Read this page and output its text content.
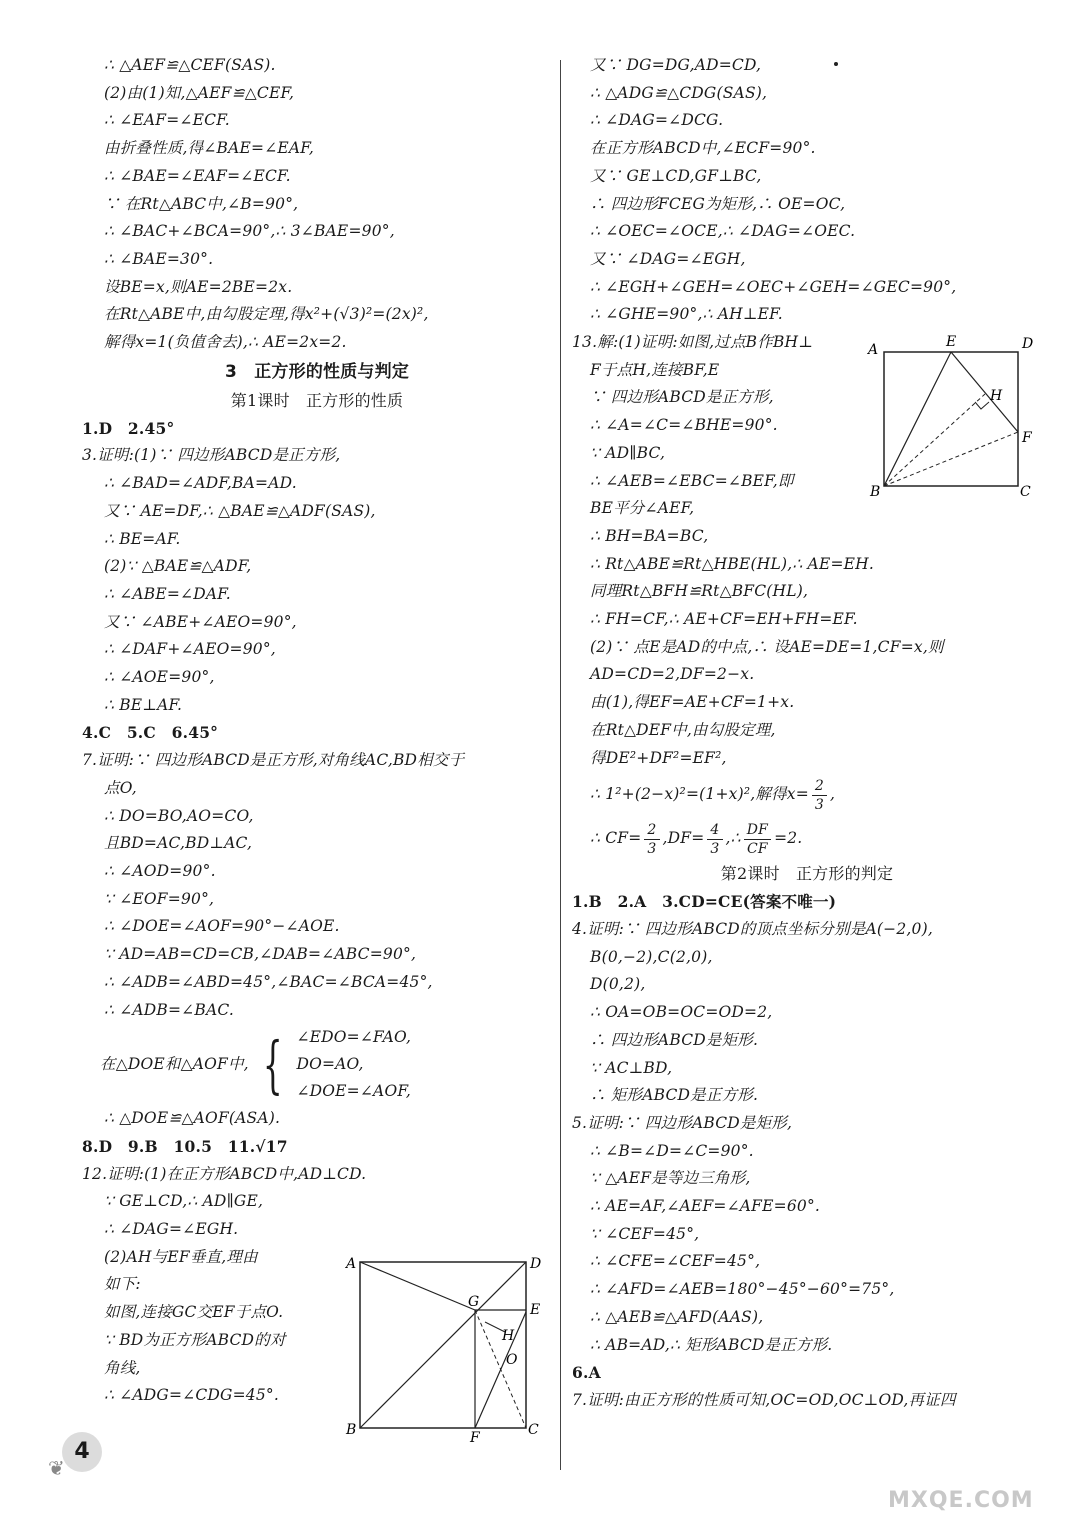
∴ △AEF≌△CEF(SAS).
(2)由(1)知,△AEF≌△CEF,
∴ ∠EAF=∠ECF.
由折叠性质,得∠BAE=∠EAF,
∴ ∠BAE=∠EAF=∠ECF.
∵ 在Rt△ABC中,∠B=90°,
∴ ∠BAC+∠BCA=90°,∴ 3∠BAE=90°,
∴ ∠BAE=30°.
设BE=x,则AE=2BE=2x.
在Rt△ABE中,由勾股定理,得x²+(√3)²=(2x)²,
解得x=1(负值舍去),∴ AE=2x=2.
3　正方形的性质与判定
第1课时　正方形的性质
1.D　2.45°
3.证明:(1)∵ 四边形ABCD是正方形,
∴ ∠BAD=∠ADF,BA=AD.
又∵ AE=DF,∴ △BAE≌△ADF(SAS),
∴ BE=AF.
(2)∵ △BAE≌△ADF,
∴ ∠ABE=∠DAF.
又∵ ∠ABE+∠AEO=90°,
∴ ∠DAF+∠AEO=90°,
∴ ∠AOE=90°,
∴ BE⊥AF.
4.C　5.C　6.45°
7.证明:∵ 四边形ABCD是正方形,对角线AC,BD相交于
点O,
∴ DO=BO,AO=CO,
且BD=AC,BD⊥AC,
∴ ∠AOD=90°.
∵ ∠EOF=90°,
∴ ∠DOE=∠AOF=90°−∠AOE.
∵ AD=AB=CD=CB,∠DAB=∠ABC=90°,
∴ ∠ADB=∠ABD=45°,∠BAC=∠BCA=45°,
∴ ∠ADB=∠BAC.
在△DOE和△AOF中, { ∠EDO=∠FAO,
DO=AO,
∠DOE=∠AOF,
∴ △DOE≌△AOF(ASA).
8.D　9.B　10.5　11.√17
12.证明:(1)在正方形ABCD中,AD⊥CD.
∵ GE⊥CD,∴ AD∥GE,
∴ ∠DAG=∠EGH.
(2)AH与EF垂直,理由
如下:
如图,连接GC交EF于点O.
∵ BD为正方形ABCD的对
角线,
∴ ∠ADG=∠CDG=45°.
A	D
B	C
G	E
H
O
F
又∵ DG=DG,AD=CD,
∴ △ADG≌△CDG(SAS),
∴ ∠DAG=∠DCG.
在正方形ABCD中,∠ECF=90°.
又∵ GE⊥CD,GF⊥BC,
∴ 四边形FCEG为矩形,∴ OE=OC,
∴ ∠OEC=∠OCE,∴ ∠DAG=∠OEC.
又∵ ∠DAG=∠EGH,
∴ ∠EGH+∠GEH=∠OEC+∠GEH=∠GEC=90°,
∴ ∠GHE=90°,∴ AH⊥EF.
13.解:(1)证明:如图,过点B作BH⊥
F于点H,连接BF,E
∵ 四边形ABCD是正方形,
∴ ∠A=∠C=∠BHE=90°.
∵ AD∥BC,
∴ ∠AEB=∠EBC=∠BEF,即
BE平分∠AEF,
∴ BH=BA=BC,
∴ Rt△ABE≌Rt△HBE(HL),∴ AE=EH.
同理Rt△BFH≌Rt△BFC(HL),
∴ FH=CF,∴ AE+CF=EH+FH=EF.
(2)∵ 点E是AD的中点,∴ 设AE=DE=1,CF=x,则
AD=CD=2,DF=2−x.
由(1),得EF=AE+CF=1+x.
在Rt△DEF中,由勾股定理,
得DE²+DF²=EF²,
∴ 1²+(2−x)²=(1+x)²,解得$x= \frac{2}{3}$ ,
∴ $CF= \frac{2}{3} ,DF= \frac{4}{3}$ ,∴ $\frac{DF}{CF} =2$.
第2课时　正方形的判定
1.B　2.A　3.CD=CE(答案不唯一)
4.证明:∵ 四边形ABCD的顶点坐标分别是A(−2,0),
B(0,−2),C(2,0),
D(0,2),
∴ OA=OB=OC=OD=2,
∴ 四边形ABCD是矩形.
∵ AC⊥BD,
∴ 矩形ABCD是正方形.
5.证明:∵ 四边形ABCD是矩形,
∴ ∠B=∠D=∠C=90°.
∵ △AEF是等边三角形,
∴ AE=AF,∠AEF=∠AFE=60°.
∵ ∠CEF=45°,
∴ ∠CFE=∠CEF=45°,
∴ ∠AFD=∠AEB=180°−45°−60°=75°,
∴ △AEB≌△AFD(AAS),
∴ AB=AD,∴ 矩形ABCD是正方形.
6.A
7.证明:由正方形的性质可知,OC=OD,OC⊥OD,再证四
A	E	D
H
F
B	C
❦
4
MXQE.COM
